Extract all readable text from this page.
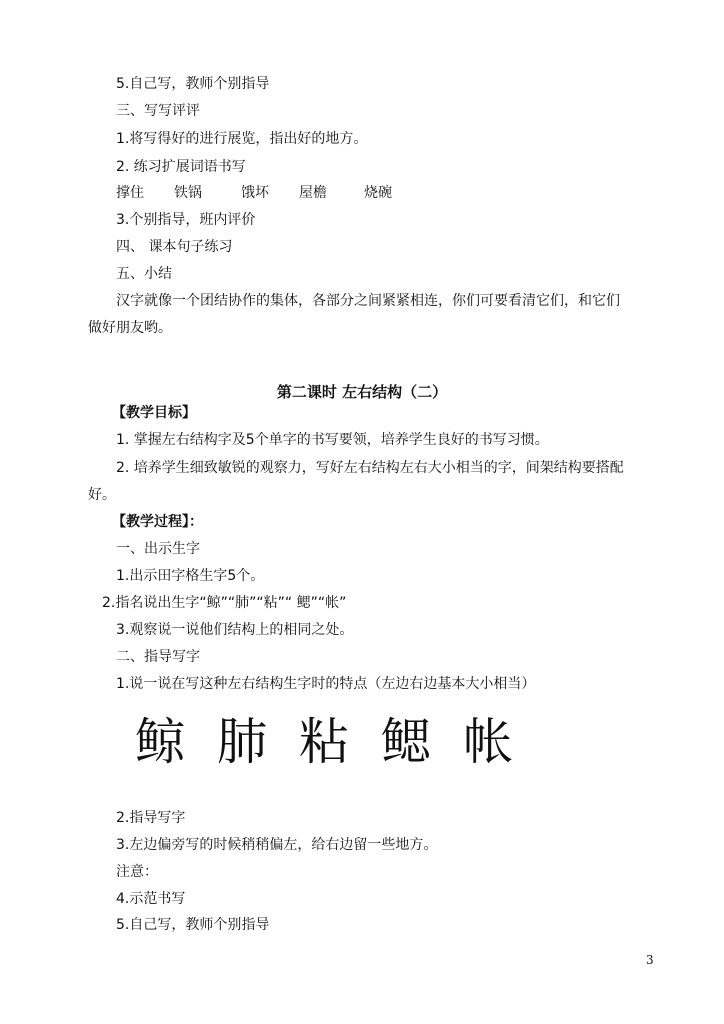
5.自己写，教师个别指导
三、写写评评
1.将写得好的进行展览，指出好的地方。
2. 练习扩展词语书写
撑住 铁锅	饿坏 屋檐	烧碗
3.个别指导，班内评价
四、 课本句子练习
五、小结
汉字就像一个团结协作的集体，各部分之间紧紧相连，你们可要看清它们，和它们
做好朋友哟。
第二课时 左右结构（二）
【教学目标】
1. 掌握左右结构字及5个单字的书写要领，培养学生良好的书写习惯。
2. 培养学生细致敏锐的观察力，写好左右结构左右大小相当的字，间架结构要搭配
好。
【教学过程】：
一、出示生字
1.出示田字格生字5个。
2.指名说出生字“鲸”“肺”“粘”“ 鳃”“帐”
3.观察说一说他们结构上的相同之处。
二、指导写字
1.说一说在写这种左右结构生字时的特点（左边右边基本大小相当）
鲸 肺 粘 鳃 帐
2.指导写字
3.左边偏旁写的时候稍稍偏左，给右边留一些地方。
注意：
4.示范书写
5.自己写，教师个别指导
3
